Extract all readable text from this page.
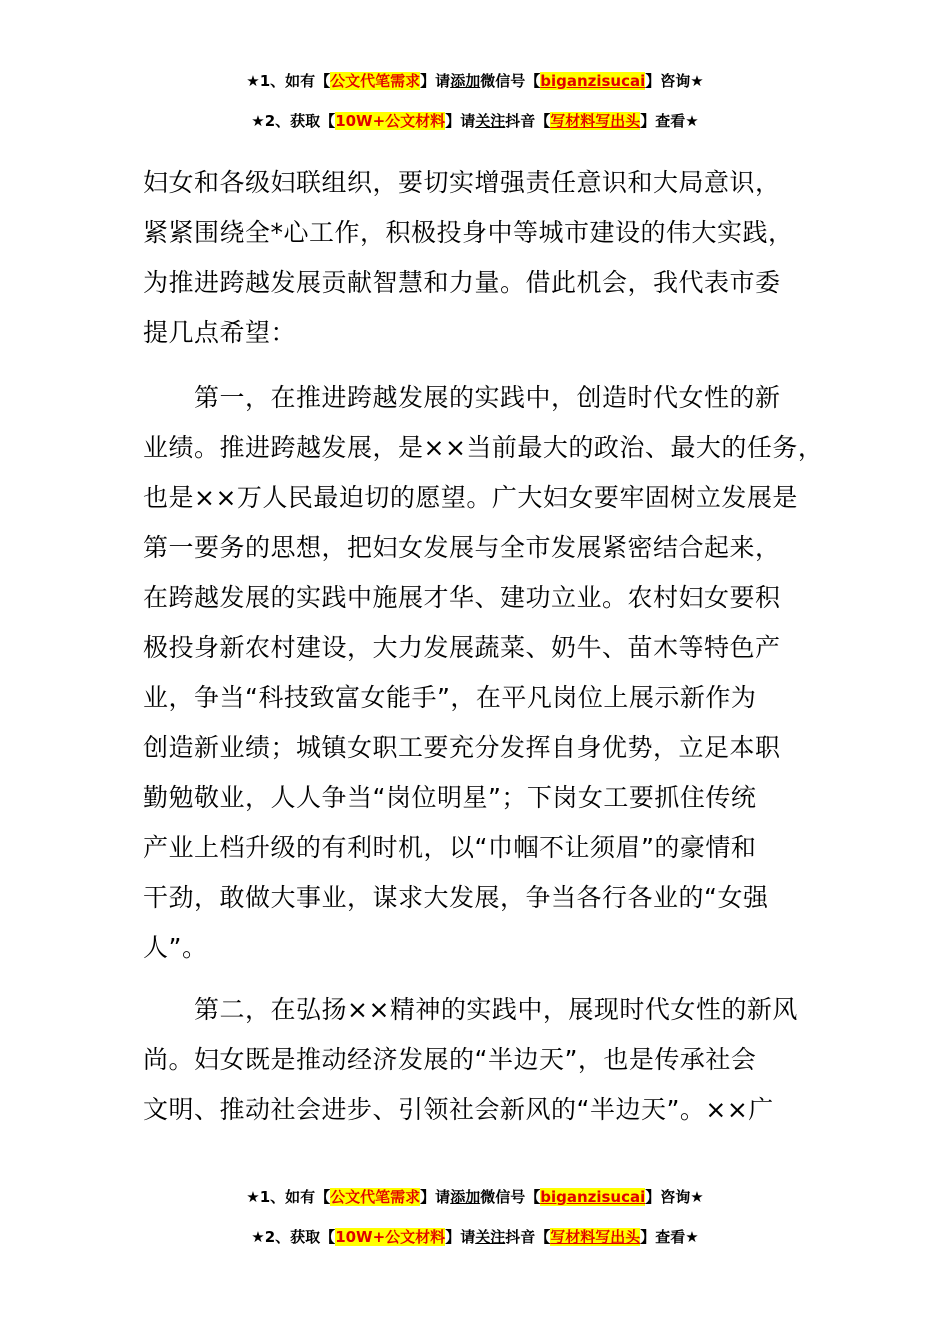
★1、如有【公文代笔需求】请添加微信号【biganzisucai】咨询★
★2、获取【10W+公文材料】请关注抖音【写材料写出头】查看★
妇女和各级妇联组织，要切实增强责任意识和大局意识，
紧紧围绕全*心工作，积极投身中等城市建设的伟大实践，
为推进跨越发展贡献智慧和力量。借此机会，我代表市委
提几点希望：
　　第一，在推进跨越发展的实践中，创造时代女性的新
业绩。推进跨越发展，是××当前最大的政治、最大的任务，
也是××万人民最迫切的愿望。广大妇女要牢固树立发展是
第一要务的思想，把妇女发展与全市发展紧密结合起来，
在跨越发展的实践中施展才华、建功立业。农村妇女要积
极投身新农村建设，大力发展蔬菜、奶牛、苗木等特色产
业，争当“科技致富女能手”，在平凡岗位上展示新作为
创造新业绩；城镇女职工要充分发挥自身优势，立足本职
勤勉敬业，人人争当“岗位明星”；下岗女工要抓住传统
产业上档升级的有利时机，以“巾帼不让须眉”的豪情和
干劲，敢做大事业，谋求大发展，争当各行各业的“女强
人”。
　　第二，在弘扬××精神的实践中，展现时代女性的新风
尚。妇女既是推动经济发展的“半边天”，也是传承社会
文明、推动社会进步、引领社会新风的“半边天”。××广
★1、如有【公文代笔需求】请添加微信号【biganzisucai】咨询★
★2、获取【10W+公文材料】请关注抖音【写材料写出头】查看★
